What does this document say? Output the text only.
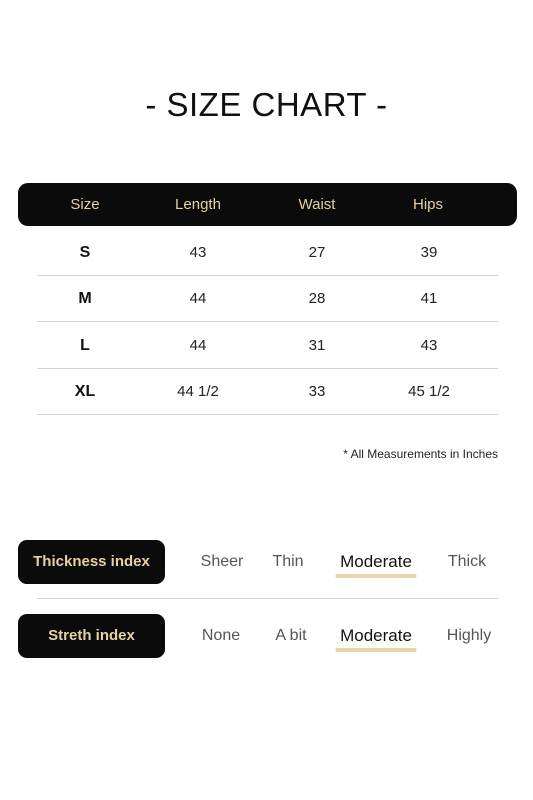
- SIZE CHART -
Size	Length	Waist	Hips
S	43	27	39
M	44	28	41
L	44	31	43
XL	44 1/2	33	45 1/2
* All Measurements in Inches
Thickness index	Sheer Thin Moderate Thick
Streth index	None A bit Moderate Highly
